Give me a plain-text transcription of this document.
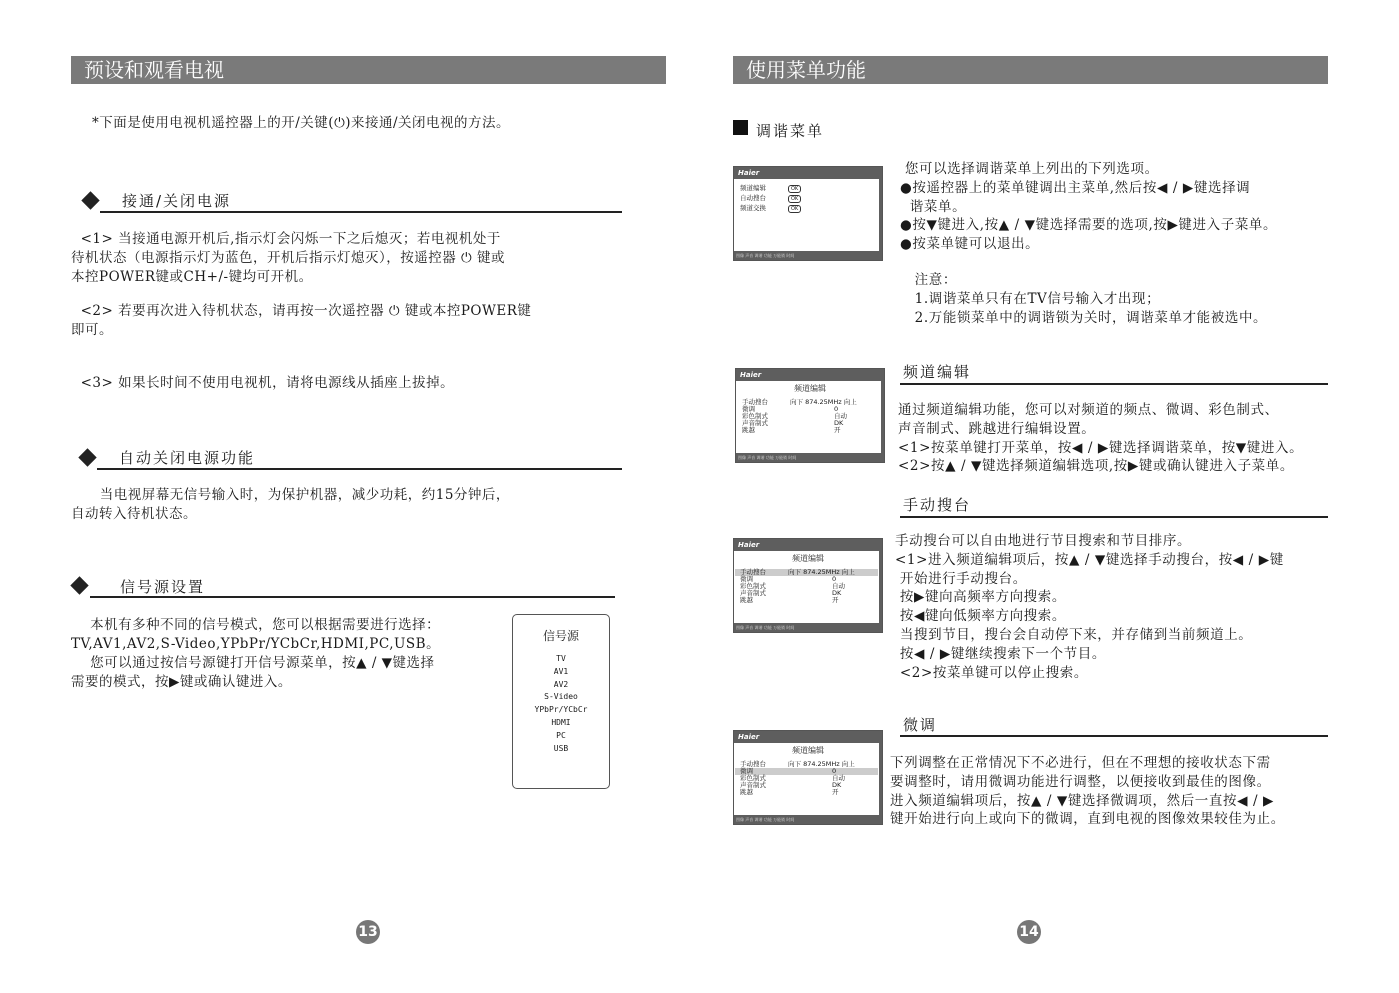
预设和观看电视
*下面是使用电视机遥控器上的开/关键(⏻)来接通/关闭电视的方法。
接通/关闭电源
<1> 当接通电源开机后,指示灯会闪烁一下之后熄灭；若电视机处于
待机状态（电源指示灯为蓝色，开机后指示灯熄灭），按遥控器 ⏻ 键或
本控POWER键或CH+/-键均可开机。
<2> 若要再次进入待机状态，请再按一次遥控器 ⏻ 键或本控POWER键
即可。
<3> 如果长时间不使用电视机，请将电源线从插座上拔掉。
自动关闭电源功能
当电视屏幕无信号输入时，为保护机器，减少功耗，约15分钟后，
自动转入待机状态。
信号源设置
本机有多种不同的信号模式，您可以根据需要进行选择：
TV,AV1,AV2,S-Video,YPbPr/YCbCr,HDMI,PC,USB。
您可以通过按信号源键打开信号源菜单，按▲ / ▼键选择
需要的模式，按▶键或确认键进入。
信号源
TV
AV1
AV2
S-Video
YPbPr/YCbCr
HDMI
PC
USB
13
使用菜单功能
调谐菜单
Haier
频道编辑	OK
自动搜台	OK
频道交换	OK
图像 声音 调谐 功能 万能锁 时间
您可以选择调谐菜单上列出的下列选项。
●按遥控器上的菜单键调出主菜单,然后按◀ / ▶键选择调
谐菜单。
●按▼键进入,按▲ / ▼键选择需要的选项,按▶键进入子菜单。
●按菜单键可以退出。
注意：
1.调谐菜单只有在TV信号输入才出现；
2.万能锁菜单中的调谐锁为关时，调谐菜单才能被选中。
频道编辑
Haier
频道编辑
手动搜台	向下 874.25MHz 向上
微调	0
彩色制式	自动
声音制式	DK
跳越	开
图像 声音 调谐 功能 万能锁 时间
通过频道编辑功能，您可以对频道的频点、微调、彩色制式、
声音制式、跳越进行编辑设置。
<1>按菜单键打开菜单，按◀ / ▶键选择调谐菜单，按▼键进入。
<2>按▲ / ▼键选择频道编辑选项,按▶键或确认键进入子菜单。
手动搜台
Haier
频道编辑
手动搜台	向下 874.25MHz 向上
微调	0
彩色制式	自动
声音制式	DK
跳越	开
图像 声音 调谐 功能 万能锁 时间
手动搜台可以自由地进行节目搜索和节目排序。
<1>进入频道编辑项后，按▲ / ▼键选择手动搜台，按◀ / ▶键
开始进行手动搜台。
按▶键向高频率方向搜索。
按◀键向低频率方向搜索。
当搜到节目，搜台会自动停下来，并存储到当前频道上。
按◀ / ▶键继续搜索下一个节目。
<2>按菜单键可以停止搜索。
微调
Haier
频道编辑
手动搜台	向下 874.25MHz 向上
微调	0
彩色制式	自动
声音制式	DK
跳越	开
图像 声音 调谐 功能 万能锁 时间
下列调整在正常情况下不必进行，但在不理想的接收状态下需
要调整时，请用微调功能进行调整，以便接收到最佳的图像。
进入频道编辑项后，按▲ / ▼键选择微调项，然后一直按◀ / ▶
键开始进行向上或向下的微调，直到电视的图像效果较佳为止。
14
